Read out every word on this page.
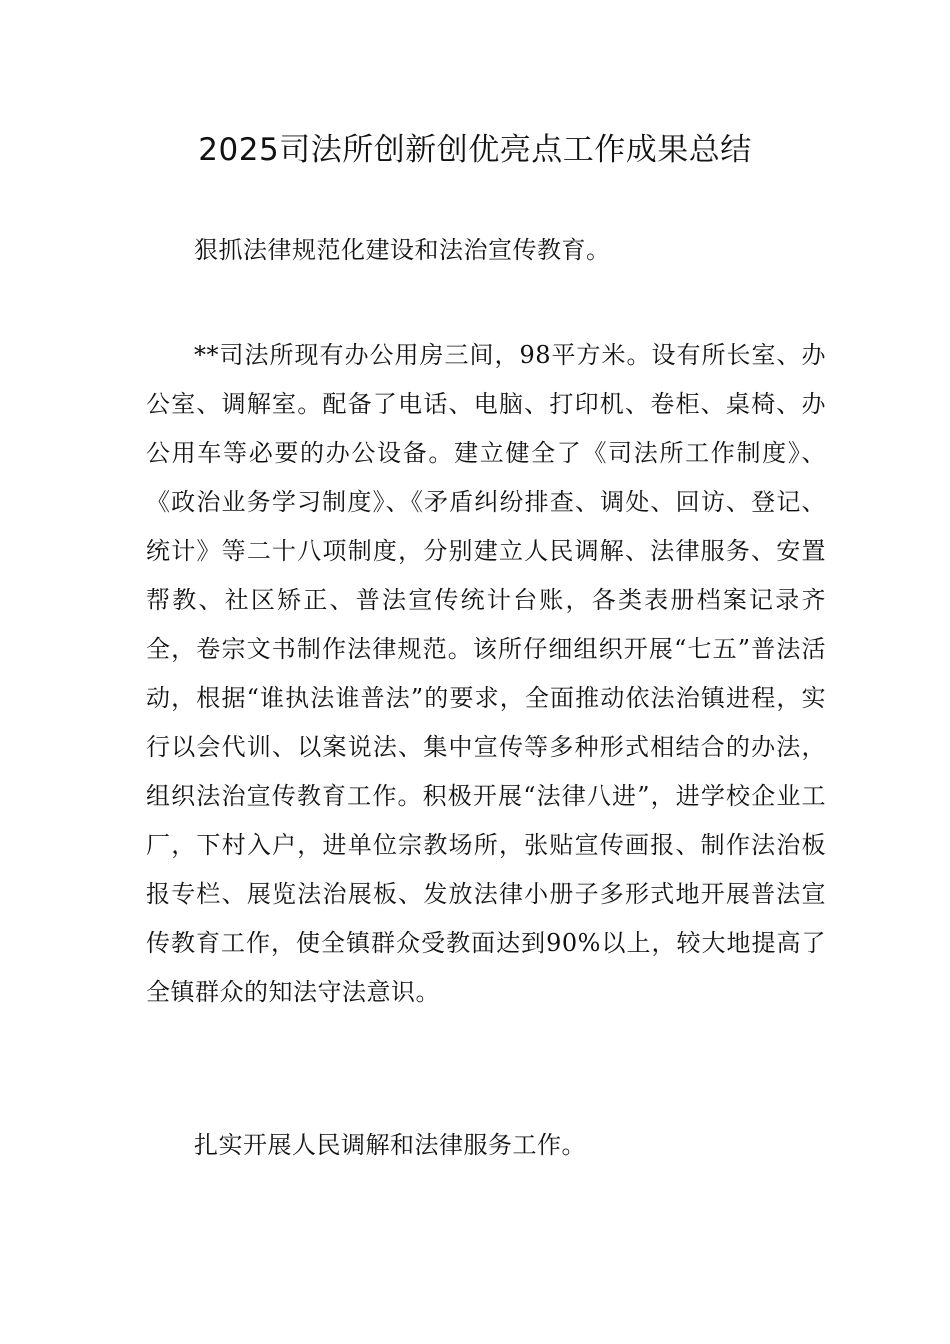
2025司法所创新创优亮点工作成果总结

狠抓法律规范化建设和法治宣传教育。

**司法所现有办公用房三间，98平方米。设有所长室、办公室、调解室。配备了电话、电脑、打印机、卷柜、桌椅、办公用车等必要的办公设备。建立健全了《司法所工作制度》、《政治业务学习制度》、《矛盾纠纷排查、调处、回访、登记、统计》等二十八项制度，分别建立人民调解、法律服务、安置帮教、社区矫正、普法宣传统计台账，各类表册档案记录齐全，卷宗文书制作法律规范。该所仔细组织开展“七五”普法活动，根据“谁执法谁普法”的要求，全面推动依法治镇进程，实行以会代训、以案说法、集中宣传等多种形式相结合的办法，组织法治宣传教育工作。积极开展“法律八进”，进学校企业工厂，下村入户，进单位宗教场所，张贴宣传画报、制作法治板报专栏、展览法治展板、发放法律小册子多形式地开展普法宣传教育工作，使全镇群众受教面达到90%以上，较大地提高了全镇群众的知法守法意识。

扎实开展人民调解和法律服务工作。
